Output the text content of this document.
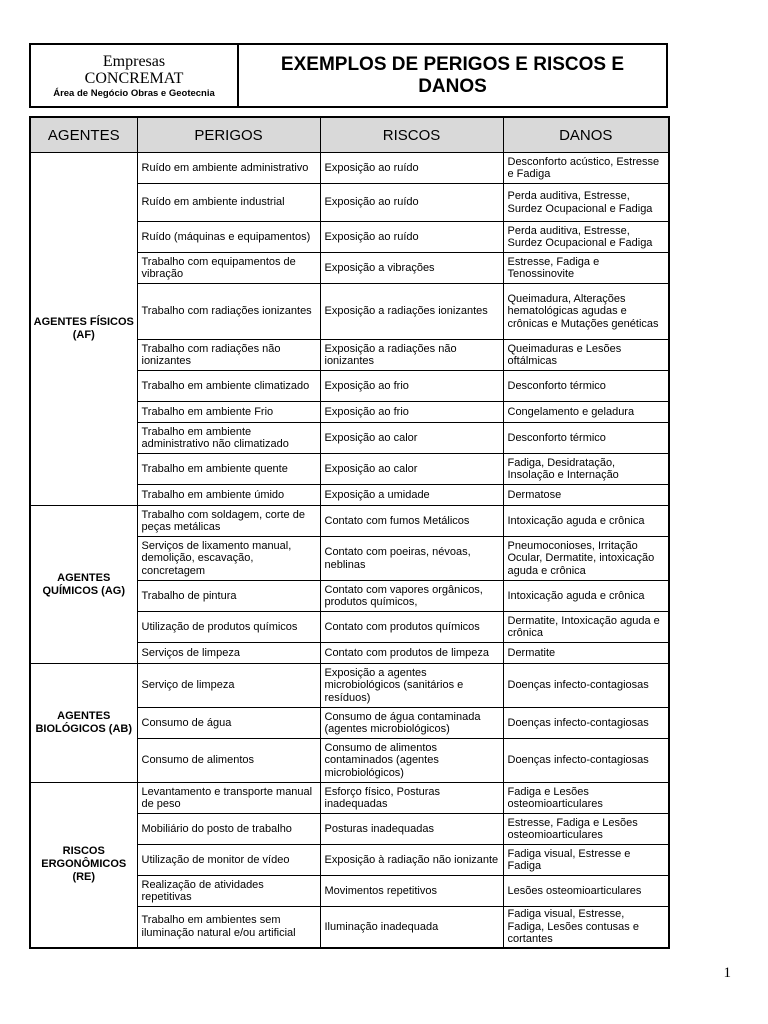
Empresas
CONCREMAT
Área de Negócio Obras e Geotecnia
EXEMPLOS DE PERIGOS E RISCOS E DANOS
AGENTES	PERIGOS	RISCOS	DANOS
AGENTES FÍSICOS (AF)	Ruído em ambiente administrativo	Exposição ao ruído	Desconforto acústico, Estresse e Fadiga
	Ruído em ambiente industrial	Exposição ao ruído	Perda auditiva, Estresse, Surdez Ocupacional e Fadiga
	Ruído (máquinas e equipamentos)	Exposição ao ruído	Perda auditiva, Estresse, Surdez Ocupacional e Fadiga
	Trabalho com equipamentos de vibração	Exposição a vibrações	Estresse, Fadiga e Tenossinovite
	Trabalho com radiações ionizantes	Exposição a radiações ionizantes	Queimadura, Alterações hematológicas agudas e crônicas e Mutações genéticas
	Trabalho com radiações não ionizantes	Exposição a radiações não ionizantes	Queimaduras e Lesões oftálmicas
	Trabalho em ambiente climatizado	Exposição ao frio	Desconforto térmico
	Trabalho em ambiente Frio	Exposição ao frio	Congelamento e geladura
	Trabalho em ambiente administrativo não climatizado	Exposição ao calor	Desconforto térmico
	Trabalho em ambiente quente	Exposição ao calor	Fadiga, Desidratação, Insolação e Internação
	Trabalho em ambiente úmido	Exposição a umidade	Dermatose
AGENTES QUÍMICOS (AG)	Trabalho com soldagem, corte de peças metálicas	Contato com fumos Metálicos	Intoxicação aguda e crônica
	Serviços de lixamento manual, demolição, escavação, concretagem	Contato com poeiras, névoas, neblinas	Pneumoconioses, Irritação Ocular, Dermatite, intoxicação aguda e crônica
	Trabalho de pintura	Contato com vapores orgânicos, produtos químicos,	Intoxicação aguda e crônica
	Utilização de produtos químicos	Contato com produtos químicos	Dermatite, Intoxicação aguda e crônica
	Serviços de limpeza	Contato com produtos de limpeza	Dermatite
AGENTES BIOLÓGICOS (AB)	Serviço de limpeza	Exposição a agentes microbiológicos (sanitários e resíduos)	Doenças infecto-contagiosas
	Consumo de água	Consumo de água contaminada (agentes microbiológicos)	Doenças infecto-contagiosas
	Consumo de alimentos	Consumo de alimentos contaminados (agentes microbiológicos)	Doenças infecto-contagiosas
RISCOS ERGONÔMICOS (RE)	Levantamento e transporte manual de peso	Esforço físico, Posturas inadequadas	Fadiga e Lesões osteomioarticulares
	Mobiliário do posto de trabalho	Posturas inadequadas	Estresse, Fadiga e Lesões osteomioarticulares
	Utilização de monitor de vídeo	Exposição à radiação não ionizante	Fadiga visual, Estresse e Fadiga
	Realização de atividades repetitivas	Movimentos repetitivos	Lesões osteomioarticulares
	Trabalho em ambientes sem iluminação natural e/ou artificial	Iluminação inadequada	Fadiga visual, Estresse, Fadiga, Lesões contusas e cortantes
1
